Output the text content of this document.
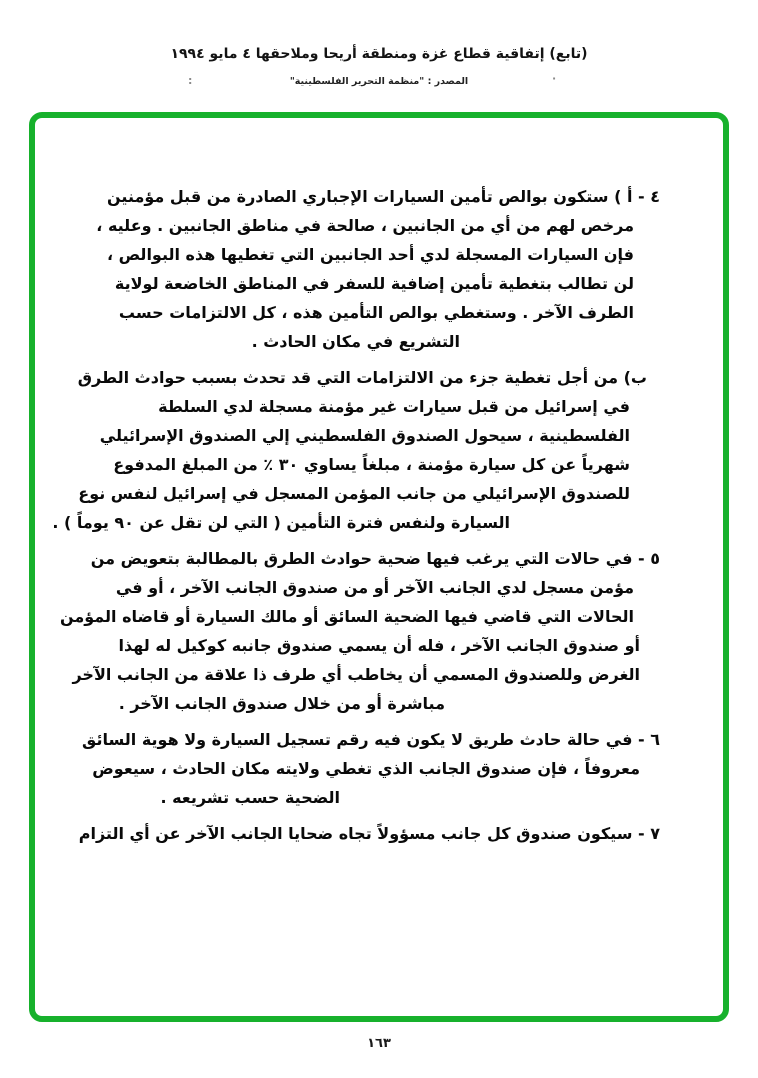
(تابع) إتفاقية قطاع غزة ومنطقة أريحا وملاحقها ٤ مايو ١٩٩٤
المصدر : "منظمة التحرير الفلسطينية"
:	·
٤ - أ ) ستكون بوالص تأمين السيارات الإجباري الصادرة من قبل مؤمنين
مرخص لهم من أي من الجانبين ، صالحة في مناطق الجانبين . وعليه ،
فإن السيارات المسجلة لدي أحد الجانبين التي تغطيها هذه البوالص ،
لن تطالب بتغطية تأمين إضافية للسفر في المناطق الخاضعة لولاية
الطرف الآخر . وستغطي بوالص التأمين هذه ، كل الالتزامات حسب
التشريع في مكان الحادث .
ب) من أجل تغطية جزء من الالتزامات التي قد تحدث بسبب حوادث الطرق
في إسرائيل من قبل سيارات غير مؤمنة مسجلة لدي السلطة
الفلسطينية ، سيحول الصندوق الفلسطيني إلي الصندوق الإسرائيلي
شهرياً عن كل سيارة مؤمنة ، مبلغاً يساوي ٣٠ ٪ من المبلغ المدفوع
للصندوق الإسرائيلي من جانب المؤمن المسجل في إسرائيل لنفس نوع
السيارة ولنفس فترة التأمين ( التي لن تقل عن ٩٠ يوماً ) .
٥ - في حالات التي يرغب فيها ضحية حوادث الطرق بالمطالبة بتعويض من
مؤمن مسجل لدي الجانب الآخر أو من صندوق الجانب الآخر ، أو في
الحالات التي قاضي فيها الضحية السائق أو مالك السيارة أو قاضاه المؤمن
أو صندوق الجانب الآخر ، فله أن يسمي صندوق جانبه كوكيل له لهذا
الغرض وللصندوق المسمي أن يخاطب أي طرف ذا علاقة من الجانب الآخر
مباشرة أو من خلال صندوق الجانب الآخر .
٦ - في حالة حادث طريق لا يكون فيه رقم تسجيل السيارة ولا هوية السائق
معروفاً ، فإن صندوق الجانب الذي تغطي ولايته مكان الحادث ، سيعوض
الضحية حسب تشريعه .
٧ - سيكون صندوق كل جانب مسؤولاً تجاه ضحايا الجانب الآخر عن أي التزام
١٦٣
